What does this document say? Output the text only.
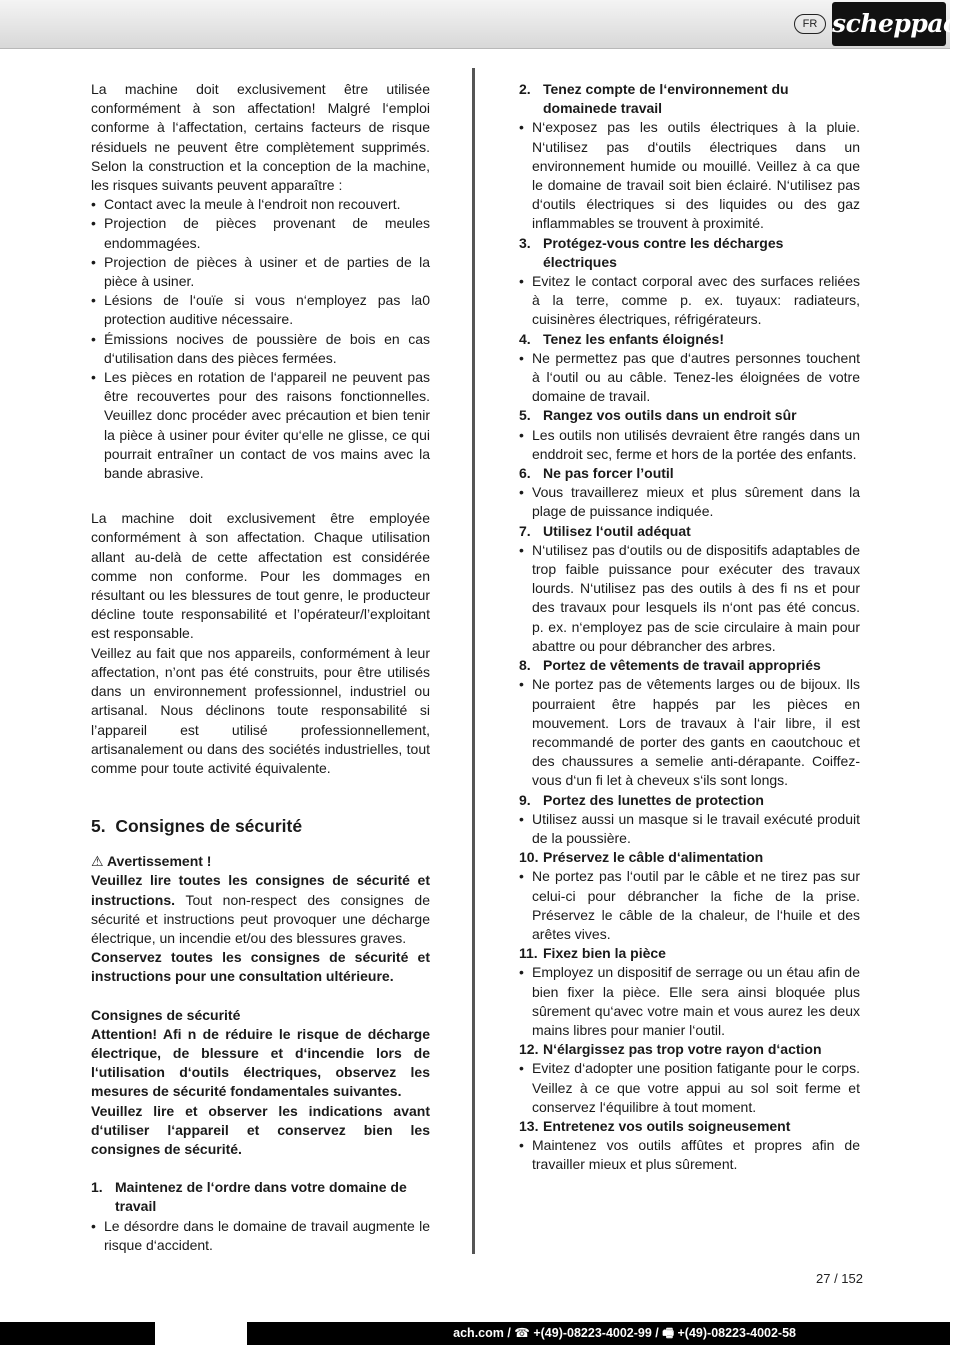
FR scheppach

La machine doit exclusivement être utilisée conformément à son affectation! Malgré l‘emploi conforme à l‘affectation, certains facteurs de risque résiduels ne peuvent être complètement supprimés. Selon la construction et la conception de la machine, les risques suivants peuvent apparaître :

• Contact avec la meule à l‘endroit non recouvert.
• Projection de pièces provenant de meules endommagées.
• Projection de pièces à usiner et de parties de la pièce à usiner.
• Lésions de l‘ouïe si vous n‘employez pas la0 protection auditive nécessaire.
• Émissions nocives de poussière de bois en cas d‘utilisation dans des pièces fermées.
• Les pièces en rotation de l‘appareil ne peuvent pas être recouvertes pour des raisons fonctionnelles. Veuillez donc procéder avec précaution et bien tenir la pièce à usiner pour éviter qu‘elle ne glisse, ce qui pourrait entraîner un contact de vos mains avec la bande abrasive.

La machine doit exclusivement être employée conformément à son affectation. Chaque utilisation allant au-delà de cette affectation est considérée comme non conforme. Pour les dommages en résultant ou les blessures de tout genre, le producteur décline toute responsabilité et l’opérateur/l’exploitant est responsable.

Veillez au fait que nos appareils, conformément à leur affectation, n’ont pas été construits, pour être utilisés dans un environnement professionnel, industriel ou artisanal. Nous déclinons toute responsabilité si l’appareil est utilisé professionnellement, artisanalement ou dans des sociétés industrielles, tout comme pour toute activité équivalente.

5. Consignes de sécurité

⚠ Avertissement !

Veuillez lire toutes les consignes de sécurité et instructions. Tout non-respect des consignes de sécurité et instructions peut provoquer une décharge électrique, un incendie et/ou des blessures graves.

Conservez toutes les consignes de sécurité et instructions pour une consultation ultérieure.

Consignes de sécurité

Attention! Afi n de réduire le risque de décharge électrique, de blessure et d‘incendie lors de l‘utilisation d‘outils électriques, observez les mesures de sécurité fondamentales suivantes.

Veuillez lire et observer les indications avant d‘utiliser l‘appareil et conservez bien les consignes de sécurité.

1. Maintenez de l‘ordre dans votre domaine de travail
• Le désordre dans le domaine de travail augmente le risque d‘accident.
2. Tenez compte de l‘environnement du domainede travail
• N‘exposez pas les outils électriques à la pluie. N‘utilisez pas d‘outils électriques dans un environnement humide ou mouillé. Veillez à ca que le domaine de travail soit bien éclairé. N‘utilisez pas d‘outils électriques si des liquides ou des gaz inflammables se trouvent à proximité.
3. Protégez-vous contre les décharges électriques
• Evitez le contact corporal avec des surfaces reliées à la terre, comme p. ex. tuyaux: radiateurs, cuisinères électriques, réfrigérateurs.
4. Tenez les enfants éloignés!
• Ne permettez pas que d‘autres personnes touchent à l‘outil ou au câble. Tenez-les éloignées de votre domaine de travail.
5. Rangez vos outils dans un endroit sûr
• Les outils non utilisés devraient être rangés dans un enddroit sec, ferme et hors de la portée des enfants.
6. Ne pas forcer l’outil
• Vous travaillerez mieux et plus sûrement dans la plage de puissance indiquée.
7. Utilisez l‘outil adéquat
• N‘utilisez pas d‘outils ou de dispositifs adaptables de trop faible puissance pour exécuter des travaux lourds. N‘utilisez pas des outils à des fi ns et pour des travaux pour lesquels ils n‘ont pas été concus. p. ex. n‘employez pas de scie circulaire à main pour abattre ou pour débrancher des arbres.
8. Portez de vêtements de travail appropriés
• Ne portez pas de vêtements larges ou de bijoux. Ils pourraient être happés par les pièces en mouvement. Lors de travaux à l‘air libre, il est recommandé de porter des gants en caoutchouc et des chaussures a semelie anti-dérapante. Coiffez-vous d‘un fi let à cheveux s‘ils sont longs.
9. Portez des lunettes de protection
• Utilisez aussi un masque si le travail exécuté produit de la poussière.
10. Préservez le câble d‘alimentation
• Ne portez pas l‘outil par le câble et ne tirez pas sur celui-ci pour débrancher la fiche de la prise. Préservez le câble de la chaleur, de l‘huile et des arêtes vives.
11. Fixez bien la pièce
• Employez un dispositif de serrage ou un étau afin de bien fixer la pièce. Elle sera ainsi bloquée plus sûrement qu‘avec votre main et vous aurez les deux mains libres pour manier l‘outil.
12. N‘élargissez pas trop votre rayon d‘action
• Evitez d‘adopter une position fatigante pour le corps. Veillez à ce que votre appui au sol soit ferme et conservez l‘équilibre à tout moment.
13. Entretenez vos outils soigneusement
• Maintenez vos outils affûtes et propres afin de travailler mieux et plus sûrement.
27 / 152
ach.com / ☎ +(49)-08223-4002-99 / 🖷 +(49)-08223-4002-58
